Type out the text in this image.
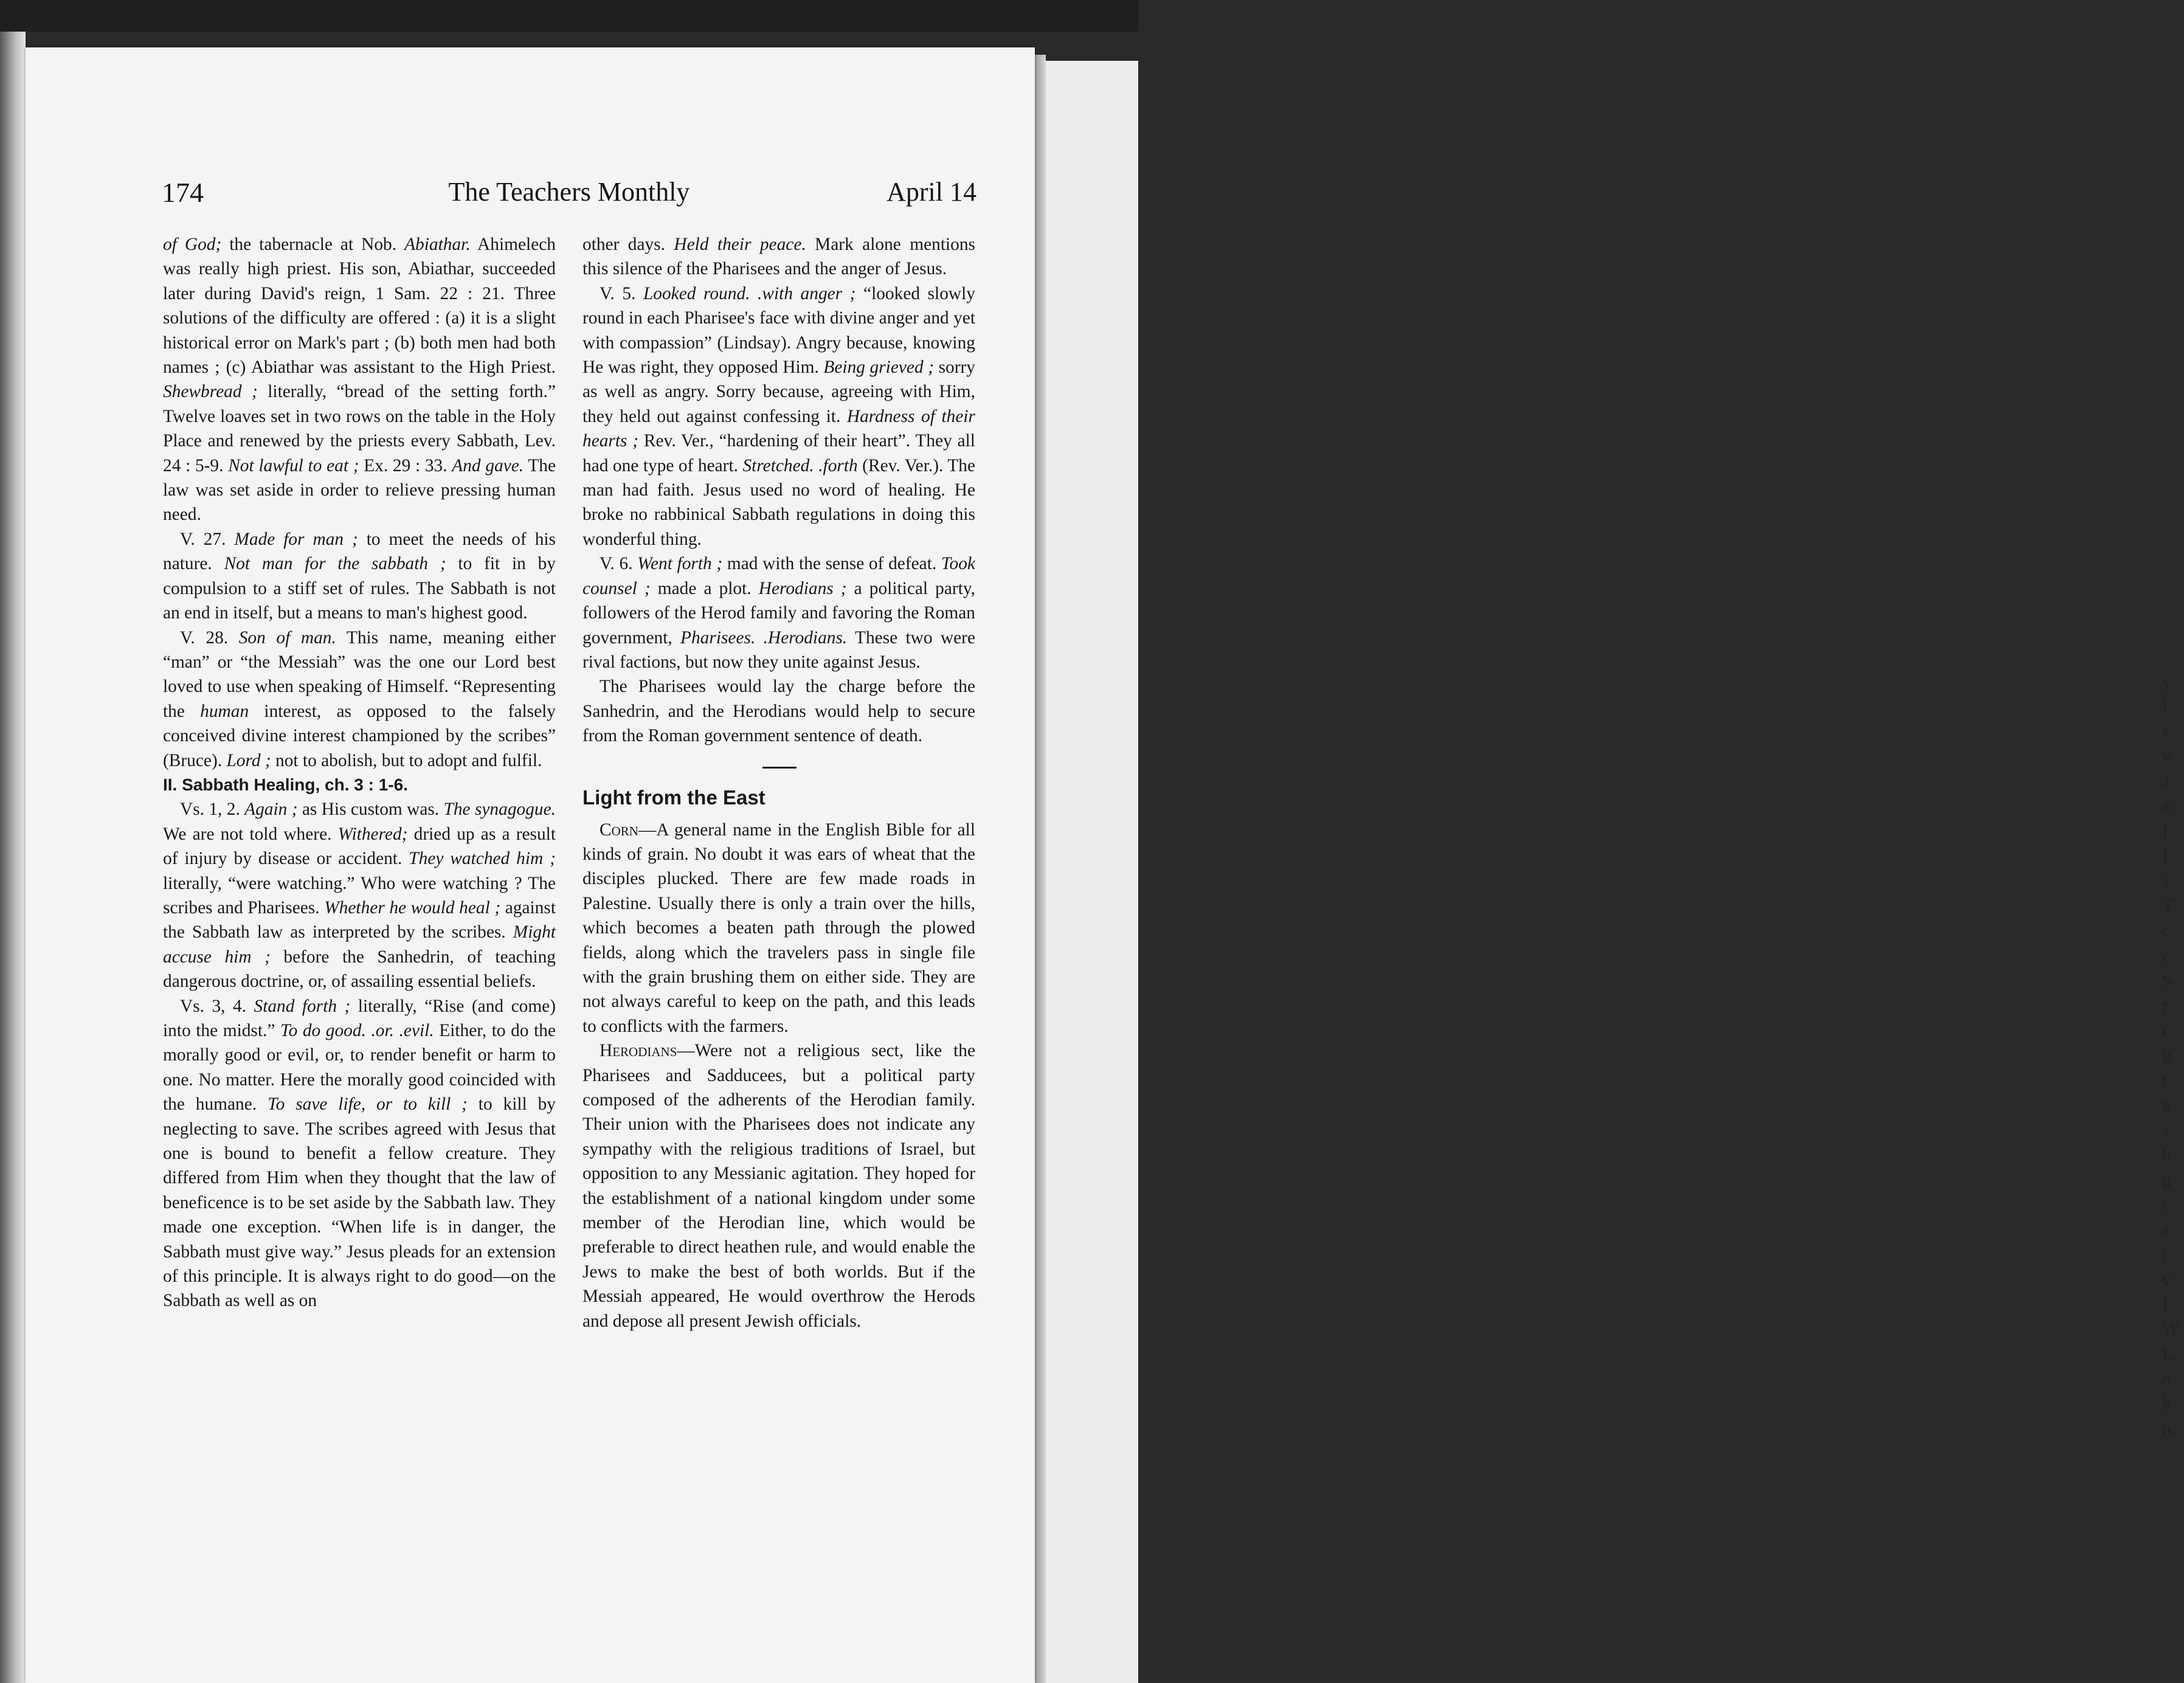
y
l
r
v
J
a
I
I
s
T
c
c
S
r
c
g
t
a
s
h
g
t
s
i
v
I
W
L
o
h
n
174	The Teachers Monthly	April 14

of God; the tabernacle at Nob. Abiathar. Ahimelech was really high priest. His son, Abiathar, succeeded later during David's reign, 1 Sam. 22 : 21. Three solutions of the difficulty are offered : (a) it is a slight historical error on Mark's part ; (b) both men had both names ; (c) Abiathar was assistant to the High Priest. Shewbread ; literally, “bread of the setting forth.” Twelve loaves set in two rows on the table in the Holy Place and renewed by the priests every Sabbath, Lev. 24 : 5-9. Not lawful to eat ; Ex. 29 : 33. And gave. The law was set aside in order to relieve pressing human need.

V. 27. Made for man ; to meet the needs of his nature. Not man for the sabbath ; to fit in by compulsion to a stiff set of rules. The Sabbath is not an end in itself, but a means to man's highest good.

V. 28. Son of man. This name, meaning either “man” or “the Messiah” was the one our Lord best loved to use when speaking of Himself. “Representing the human interest, as opposed to the falsely conceived divine interest championed by the scribes” (Bruce). Lord ; not to abolish, but to adopt and fulfil.

II. Sabbath Healing, ch. 3 : 1-6.

Vs. 1, 2. Again ; as His custom was. The synagogue. We are not told where. Withered; dried up as a result of injury by disease or accident. They watched him ; literally, “were watching.” Who were watching ? The scribes and Pharisees. Whether he would heal ; against the Sabbath law as interpreted by the scribes. Might accuse him ; before the Sanhedrin, of teaching dangerous doctrine, or, of assailing essential beliefs.

Vs. 3, 4. Stand forth ; literally, “Rise (and come) into the midst.” To do good. .or. .evil. Either, to do the morally good or evil, or, to render benefit or harm to one. No matter. Here the morally good coincided with the humane. To save life, or to kill ; to kill by neglecting to save. The scribes agreed with Jesus that one is bound to benefit a fellow creature. They differed from Him when they thought that the law of beneficence is to be set aside by the Sabbath law. They made one exception. “When life is in danger, the Sabbath must give way.” Jesus pleads for an extension of this principle. It is always right to do good—on the Sabbath as well as on

other days. Held their peace. Mark alone mentions this silence of the Pharisees and the anger of Jesus.

V. 5. Looked round. .with anger ; “looked slowly round in each Pharisee's face with divine anger and yet with compassion” (Lindsay). Angry because, knowing He was right, they opposed Him. Being grieved ; sorry as well as angry. Sorry because, agreeing with Him, they held out against confessing it. Hardness of their hearts ; Rev. Ver., “hardening of their heart”. They all had one type of heart. Stretched. .forth (Rev. Ver.). The man had faith. Jesus used no word of healing. He broke no rabbinical Sabbath regulations in doing this wonderful thing.

V. 6. Went forth ; mad with the sense of defeat. Took counsel ; made a plot. Herodians ; a political party, followers of the Herod family and favoring the Roman government, Pharisees. .Herodians. These two were rival factions, but now they unite against Jesus.

The Pharisees would lay the charge before the Sanhedrin, and the Herodians would help to secure from the Roman government sentence of death.

Light from the East

Corn—A general name in the English Bible for all kinds of grain. No doubt it was ears of wheat that the disciples plucked. There are few made roads in Palestine. Usually there is only a train over the hills, which becomes a beaten path through the plowed fields, along which the travelers pass in single file with the grain brushing them on either side. They are not always careful to keep on the path, and this leads to conflicts with the farmers.

Herodians—Were not a religious sect, like the Pharisees and Sadducees, but a political party composed of the adherents of the Herodian family. Their union with the Pharisees does not indicate any sympathy with the religious traditions of Israel, but opposition to any Messianic agitation. They hoped for the establishment of a national kingdom under some member of the Herodian line, which would be preferable to direct heathen rule, and would enable the Jews to make the best of both worlds. But if the Messiah appeared, He would overthrow the Herods and depose all present Jewish officials.
